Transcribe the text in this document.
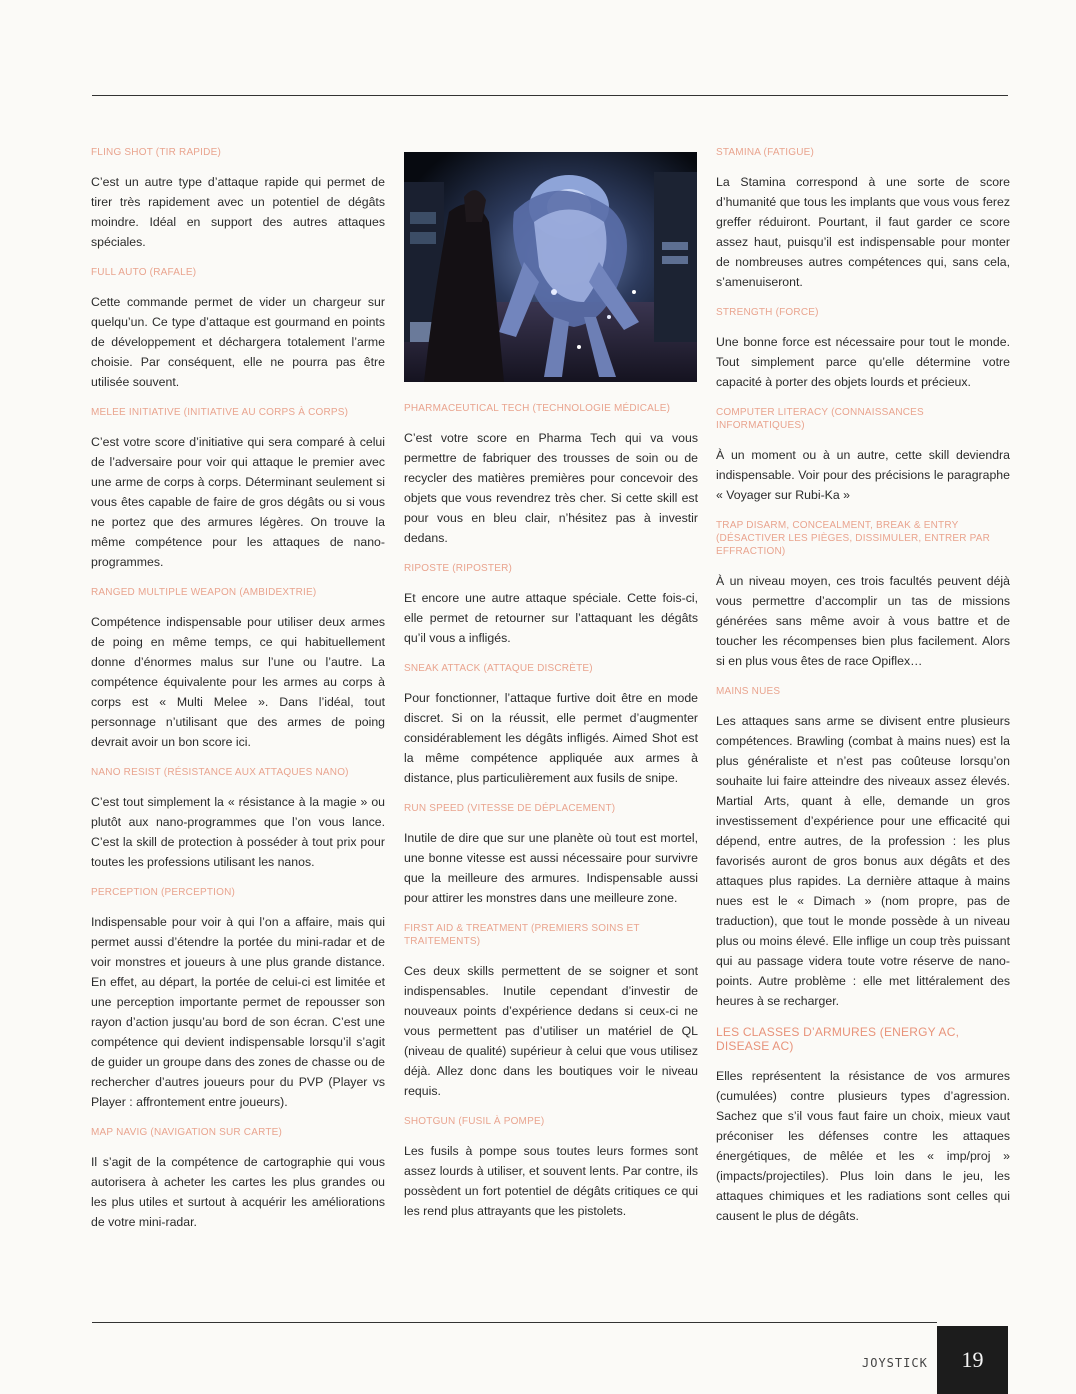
FLING SHOT (TIR RAPIDE)

C’est un autre type d’attaque rapide qui permet de tirer très rapidement avec un potentiel de dégâts moindre. Idéal en support des autres attaques spéciales.

FULL AUTO (RAFALE)

Cette commande permet de vider un chargeur sur quelqu’un. Ce type d’attaque est gourmand en points de développement et déchargera totalement l’arme choisie. Par conséquent, elle ne pourra pas être utilisée souvent.

MELEE INITIATIVE (INITIATIVE AU CORPS À CORPS)

C’est votre score d’initiative qui sera comparé à celui de l’adversaire pour voir qui attaque le premier avec une arme de corps à corps. Déterminant seulement si vous êtes capable de faire de gros dégâts ou si vous ne portez que des armures légères. On trouve la même compétence pour les attaques de nano-programmes.

RANGED MULTIPLE WEAPON (AMBIDEXTRIE)

Compétence indispensable pour utiliser deux armes de poing en même temps, ce qui habituellement donne d’énormes malus sur l’une ou l’autre. La compétence équivalente pour les armes au corps à corps est « Multi Melee ». Dans l’idéal, tout personnage n’utilisant que des armes de poing devrait avoir un bon score ici.

NANO RESIST (RÉSISTANCE AUX ATTAQUES NANO)

C’est tout simplement la « résistance à la magie » ou plutôt aux nano-programmes que l’on vous lance. C’est la skill de protection à posséder à tout prix pour toutes les professions utilisant les nanos.

PERCEPTION (PERCEPTION)

Indispensable pour voir à qui l’on a affaire, mais qui permet aussi d’étendre la portée du mini-radar et de voir monstres et joueurs à une plus grande distance. En effet, au départ, la portée de celui-ci est limitée et une perception importante permet de repousser son rayon d’action jusqu’au bord de son écran. C’est une compétence qui devient indispensable lorsqu’il s’agit de guider un groupe dans des zones de chasse ou de rechercher d’autres joueurs pour du PVP (Player vs Player : affrontement entre joueurs).

MAP NAVIG (NAVIGATION SUR CARTE)

Il s’agit de la compétence de cartographie qui vous autorisera à acheter les cartes les plus grandes ou les plus utiles et surtout à acquérir les améliorations de votre mini-radar.

PHARMACEUTICAL TECH (TECHNOLOGIE MÉDICALE)

C’est votre score en Pharma Tech qui va vous permettre de fabriquer des trousses de soin ou de recycler des matières premières pour concevoir des objets que vous revendrez très cher. Si cette skill est pour vous en bleu clair, n’hésitez pas à investir dedans.

RIPOSTE (RIPOSTER)

Et encore une autre attaque spéciale. Cette fois-ci, elle permet de retourner sur l’attaquant les dégâts qu’il vous a infligés.

SNEAK ATTACK (ATTAQUE DISCRÈTE)

Pour fonctionner, l’attaque furtive doit être en mode discret. Si on la réussit, elle permet d’augmenter considérablement les dégâts infligés. Aimed Shot est la même compétence appliquée aux armes à distance, plus particulièrement aux fusils de snipe.

RUN SPEED (VITESSE DE DÉPLACEMENT)

Inutile de dire que sur une planète où tout est mortel, une bonne vitesse est aussi nécessaire pour survivre que la meilleure des armures. Indispensable aussi pour attirer les monstres dans une meilleure zone.

FIRST AID & TREATMENT (PREMIERS SOINS ET TRAITEMENTS)

Ces deux skills permettent de se soigner et sont indispensables. Inutile cependant d’investir de nouveaux points d’expérience dedans si ceux-ci ne vous permettent pas d’utiliser un matériel de QL (niveau de qualité) supérieur à celui que vous utilisez déjà. Allez donc dans les boutiques voir le niveau requis.

SHOTGUN (FUSIL À POMPE)

Les fusils à pompe sous toutes leurs formes sont assez lourds à utiliser, et souvent lents. Par contre, ils possèdent un fort potentiel de dégâts critiques ce qui les rend plus attrayants que les pistolets.

STAMINA (FATIGUE)

La Stamina correspond à une sorte de score d’humanité que tous les implants que vous vous ferez greffer réduiront. Pourtant, il faut garder ce score assez haut, puisqu’il est indispensable pour monter de nombreuses autres compétences qui, sans cela, s’amenuiseront.

STRENGTH (FORCE)

Une bonne force est nécessaire pour tout le monde. Tout simplement parce qu’elle détermine votre capacité à porter des objets lourds et précieux.

COMPUTER LITERACY (CONNAISSANCES INFORMATIQUES)

À un moment ou à un autre, cette skill deviendra indispensable. Voir pour des précisions le paragraphe « Voyager sur Rubi-Ka »

TRAP DISARM, CONCEALMENT, BREAK & ENTRY (DÉSACTIVER LES PIÈGES, DISSIMULER, ENTRER PAR EFFRACTION)

À un niveau moyen, ces trois facultés peuvent déjà vous permettre d’accomplir un tas de missions générées sans même avoir à vous battre et de toucher les récompenses bien plus facilement. Alors si en plus vous êtes de race Opiflex…

MAINS NUES

Les attaques sans arme se divisent entre plusieurs compétences. Brawling (combat à mains nues) est la plus généraliste et n’est pas coûteuse lorsqu’on souhaite lui faire atteindre des niveaux assez élevés. Martial Arts, quant à elle, demande un gros investissement d’expérience pour une efficacité qui dépend, entre autres, de la profession : les plus favorisés auront de gros bonus aux dégâts et des attaques plus rapides. La dernière attaque à mains nues est le « Dimach » (nom propre, pas de traduction), que tout le monde possède à un niveau plus ou moins élevé. Elle inflige un coup très puissant qui au passage videra toute votre réserve de nano-points. Autre problème : elle met littéralement des heures à se recharger.

LES CLASSES D’ARMURES (ENERGY AC, DISEASE AC)

Elles représentent la résistance de vos armures (cumulées) contre plusieurs types d’agression. Sachez que s’il vous faut faire un choix, mieux vaut préconiser les défenses contre les attaques énergétiques, de mêlée et les « imp/proj » (impacts/projectiles). Plus loin dans le jeu, les attaques chimiques et les radiations sont celles qui causent le plus de dégâts.

JOYSTICK	19
